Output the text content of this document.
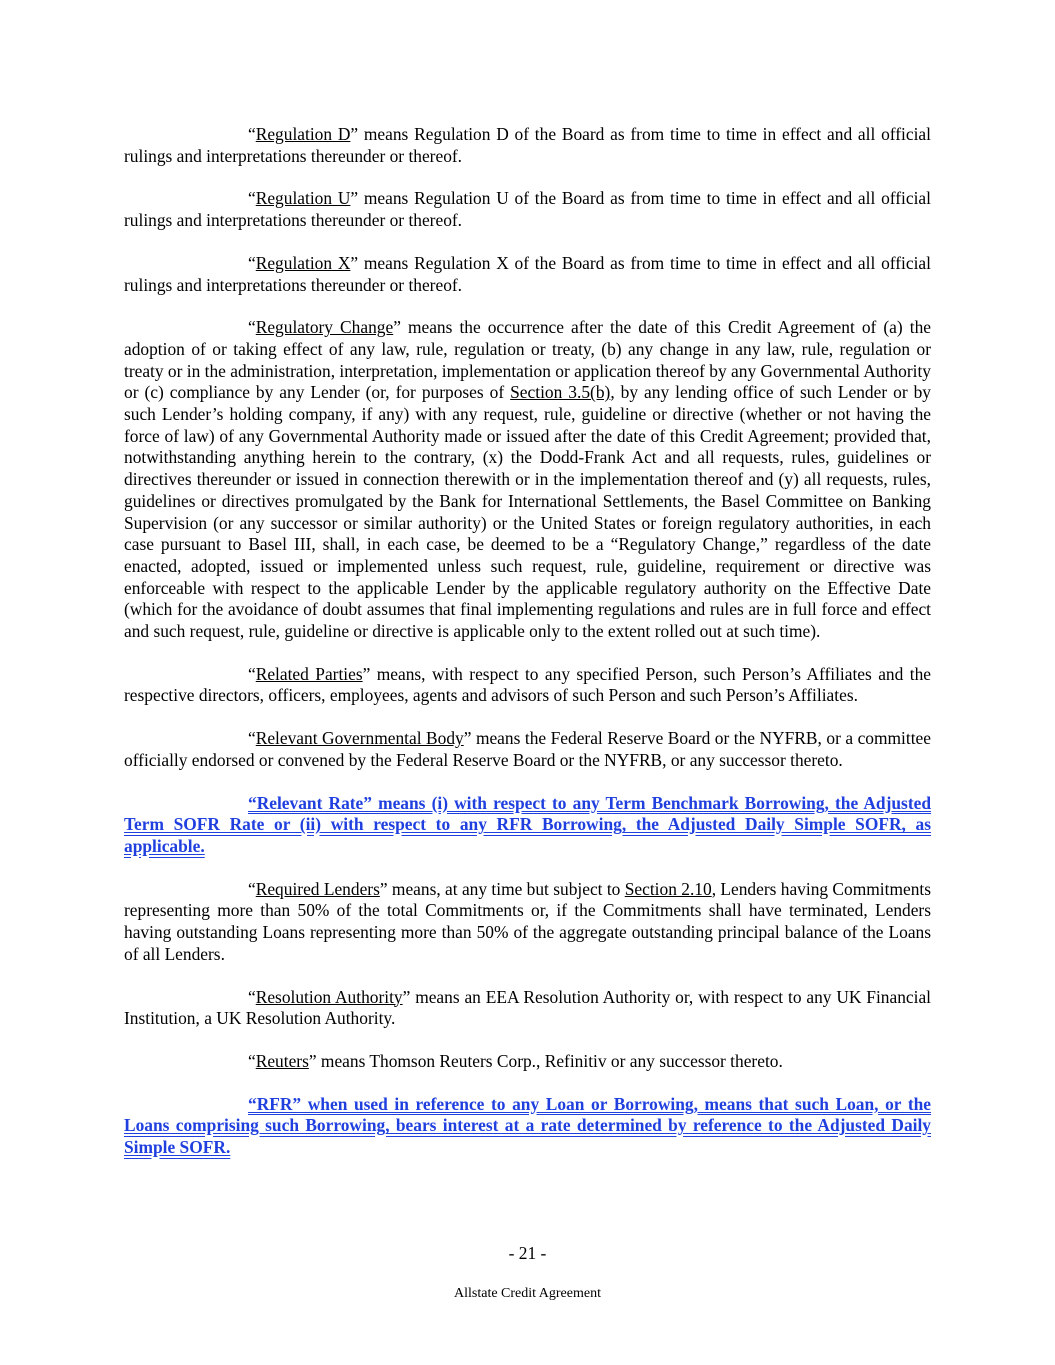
“Regulation D” means Regulation D of the Board as from time to time in effect and all official rulings and interpretations thereunder or thereof.

“Regulation U” means Regulation U of the Board as from time to time in effect and all official rulings and interpretations thereunder or thereof.

“Regulation X” means Regulation X of the Board as from time to time in effect and all official rulings and interpretations thereunder or thereof.

“Regulatory Change” means the occurrence after the date of this Credit Agreement of (a) the adoption of or taking effect of any law, rule, regulation or treaty, (b) any change in any law, rule, regulation or treaty or in the administration, interpretation, implementation or application thereof by any Governmental Authority or (c) compliance by any Lender (or, for purposes of Section 3.5(b), by any lending office of such Lender or by such Lender’s holding company, if any) with any request, rule, guideline or directive (whether or not having the force of law) of any Governmental Authority made or issued after the date of this Credit Agreement; provided that, notwithstanding anything herein to the contrary, (x) the Dodd-Frank Act and all requests, rules, guidelines or directives thereunder or issued in connection therewith or in the implementation thereof and (y) all requests, rules, guidelines or directives promulgated by the Bank for International Settlements, the Basel Committee on Banking Supervision (or any successor or similar authority) or the United States or foreign regulatory authorities, in each case pursuant to Basel III, shall, in each case, be deemed to be a “Regulatory Change,” regardless of the date enacted, adopted, issued or implemented unless such request, rule, guideline, requirement or directive was enforceable with respect to the applicable Lender by the applicable regulatory authority on the Effective Date (which for the avoidance of doubt assumes that final implementing regulations and rules are in full force and effect and such request, rule, guideline or directive is applicable only to the extent rolled out at such time).

“Related Parties” means, with respect to any specified Person, such Person’s Affiliates and the respective directors, officers, employees, agents and advisors of such Person and such Person’s Affiliates.

“Relevant Governmental Body” means the Federal Reserve Board or the NYFRB, or a committee officially endorsed or convened by the Federal Reserve Board or the NYFRB, or any successor thereto.

“Relevant Rate” means (i) with respect to any Term Benchmark Borrowing, the Adjusted Term SOFR Rate or (ii) with respect to any RFR Borrowing, the Adjusted Daily Simple SOFR, as applicable.

“Required Lenders” means, at any time but subject to Section 2.10, Lenders having Commitments representing more than 50% of the total Commitments or, if the Commitments shall have terminated, Lenders having outstanding Loans representing more than 50% of the aggregate outstanding principal balance of the Loans of all Lenders.

“Resolution Authority” means an EEA Resolution Authority or, with respect to any UK Financial Institution, a UK Resolution Authority.

“Reuters” means Thomson Reuters Corp., Refinitiv or any successor thereto.

“RFR” when used in reference to any Loan or Borrowing, means that such Loan, or the Loans comprising such Borrowing, bears interest at a rate determined by reference to the Adjusted Daily Simple SOFR.

- 21 -
Allstate Credit Agreement
